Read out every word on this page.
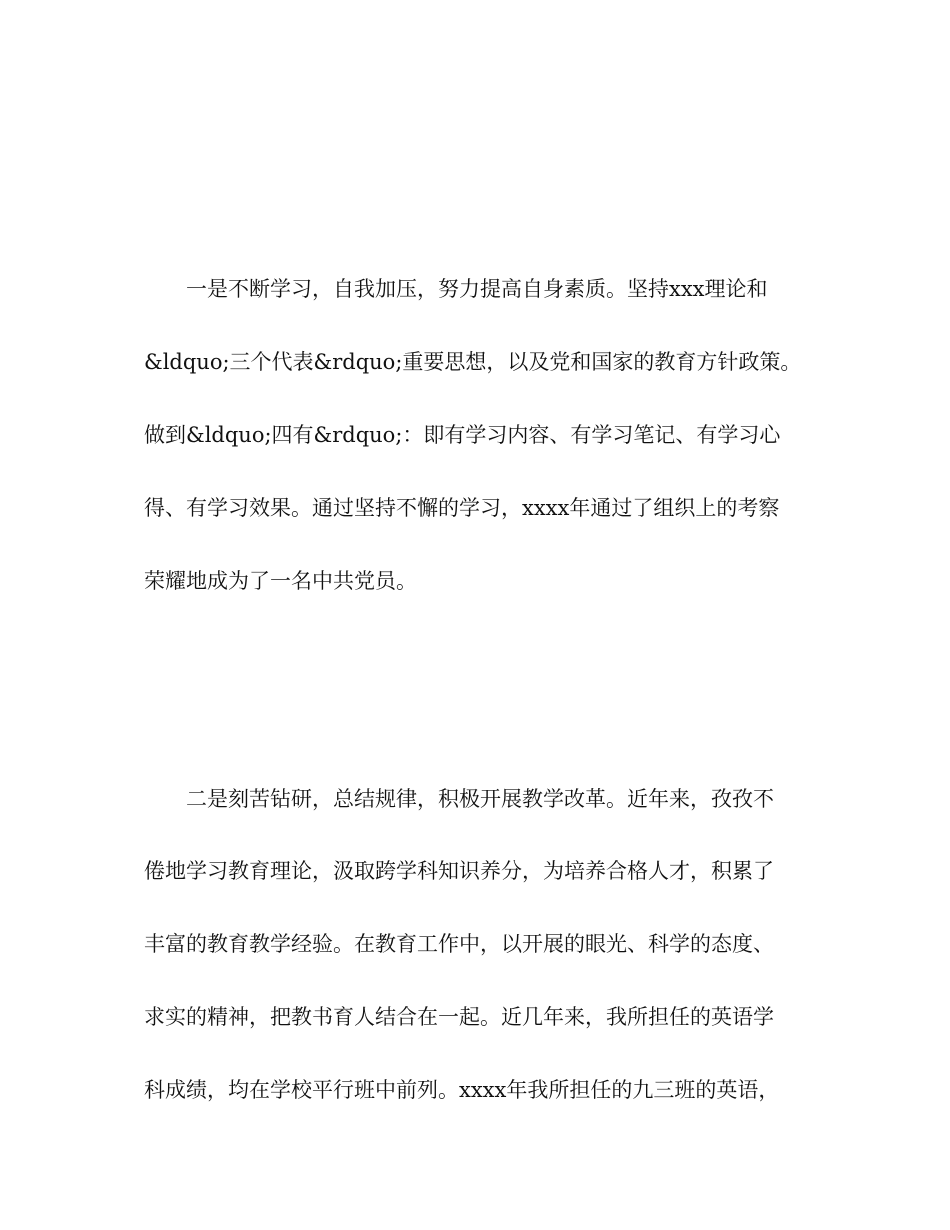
　　一是不断学习，自我加压，努力提高自身素质。坚持xxx理论和

&ldquo;三个代表&rdquo;重要思想，以及党和国家的教育方针政策。

做到&ldquo;四有&rdquo;：即有学习内容、有学习笔记、有学习心

得、有学习效果。通过坚持不懈的学习，xxxx年通过了组织上的考察

荣耀地成为了一名中共党员。

　　二是刻苦钻研，总结规律，积极开展教学改革。近年来，孜孜不

倦地学习教育理论，汲取跨学科知识养分，为培养合格人才，积累了

丰富的教育教学经验。在教育工作中，以开展的眼光、科学的态度、

求实的精神，把教书育人结合在一起。近几年来，我所担任的英语学

科成绩，均在学校平行班中前列。xxxx年我所担任的九三班的英语，
